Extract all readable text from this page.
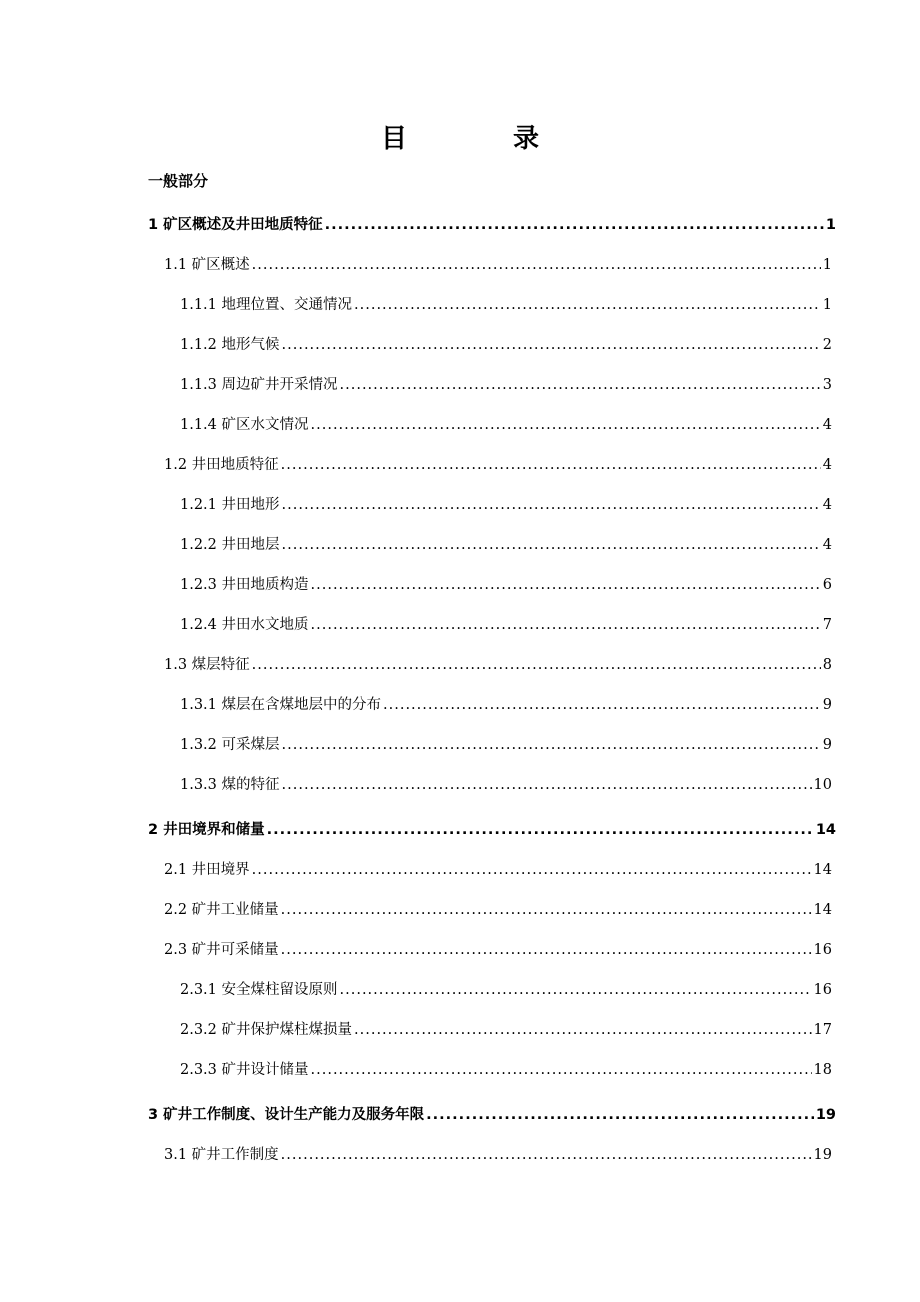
目　录
一般部分
1 矿区概述及井田地质特征 .....	1
1.1 矿区概述 .....	1
1.1.1 地理位置、交通情况 .....	1
1.1.2 地形气候 .....	2
1.1.3 周边矿井开采情况 .....	3
1.1.4 矿区水文情况 .....	4
1.2 井田地质特征 .....	4
1.2.1 井田地形 .....	4
1.2.2 井田地层 .....	4
1.2.3 井田地质构造 .....	6
1.2.4 井田水文地质 .....	7
1.3 煤层特征 .....	8
1.3.1 煤层在含煤地层中的分布 .....	9
1.3.2 可采煤层 .....	9
1.3.3 煤的特征 .....	10
2 井田境界和储量 .....	14
2.1 井田境界 .....	14
2.2 矿井工业储量 .....	14
2.3 矿井可采储量 .....	16
2.3.1 安全煤柱留设原则 .....	16
2.3.2 矿井保护煤柱煤损量 .....	17
2.3.3 矿井设计储量 .....	18
3 矿井工作制度、设计生产能力及服务年限 .....	19
3.1 矿井工作制度 .....	19
